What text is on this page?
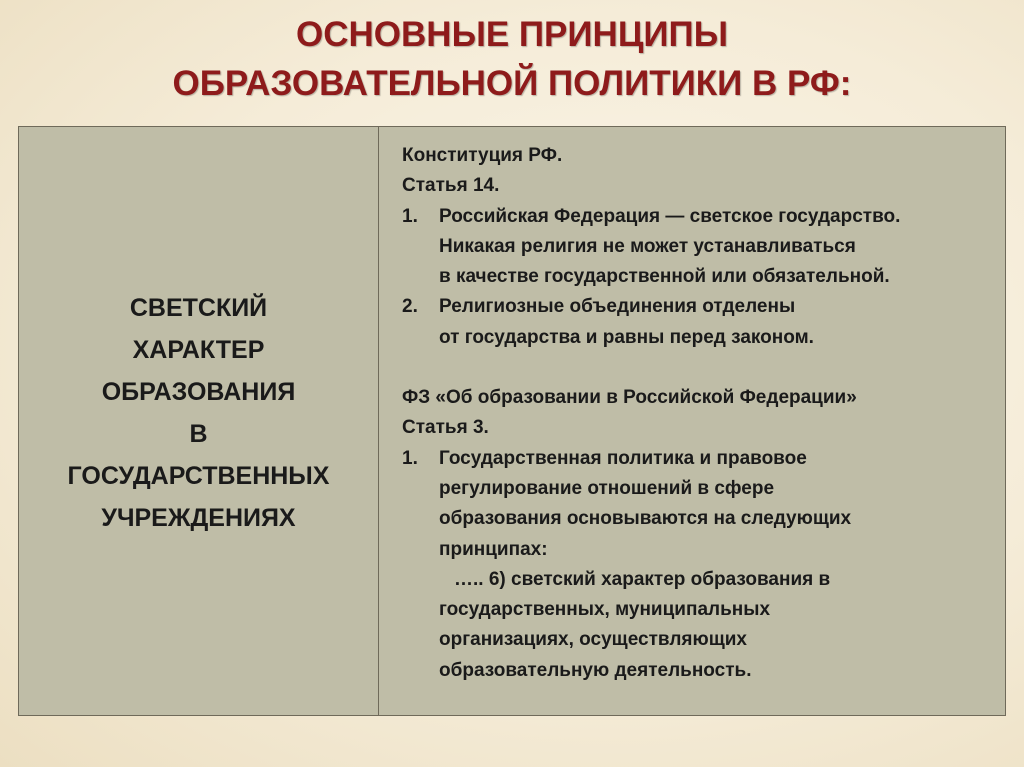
ОСНОВНЫЕ ПРИНЦИПЫ
ОБРАЗОВАТЕЛЬНОЙ ПОЛИТИКИ В РФ:
СВЕТСКИЙ
ХАРАКТЕР
ОБРАЗОВАНИЯ
В
ГОСУДАРСТВЕННЫХ
УЧРЕЖДЕНИЯХ
Конституция РФ.
Статья 14.
1. Российская Федерация — светское государство.
Никакая религия не может устанавливаться
в качестве государственной или обязательной.
2. Религиозные объединения отделены
от государства и равны перед законом.
ФЗ «Об образовании в Российской Федерации»
Статья 3.
1. Государственная политика и правовое
регулирование отношений в сфере
образования основываются на следующих
принципах:
….. 6) светский характер образования в
государственных, муниципальных
организациях, осуществляющих
образовательную деятельность.
